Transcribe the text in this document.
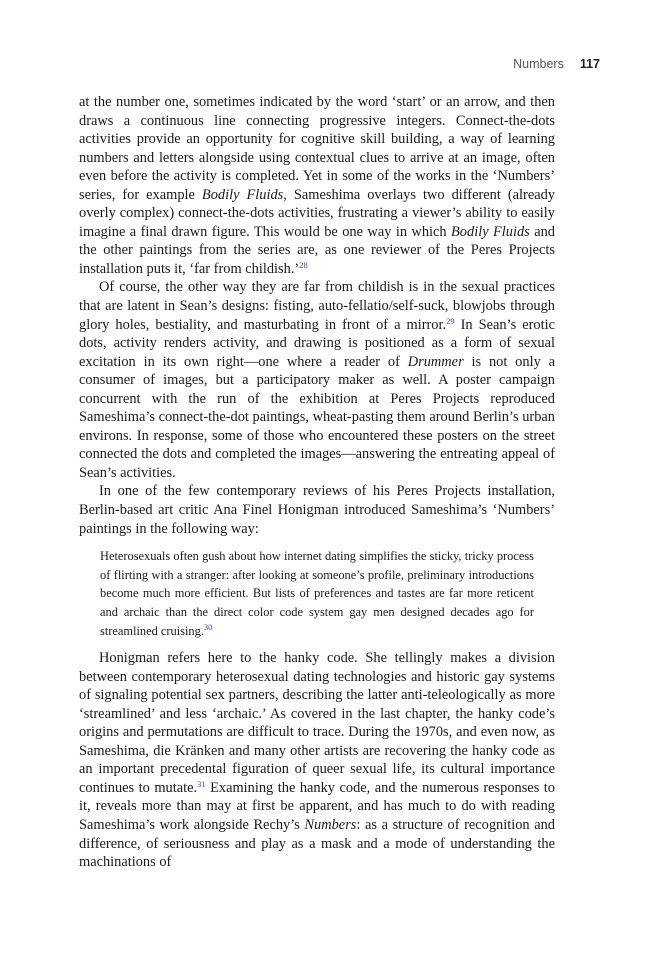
Numbers 117

at the number one, sometimes indicated by the word ‘start’ or an arrow, and then draws a continuous line connecting progressive integers. Connect-the-dots activities provide an opportunity for cognitive skill building, a way of learning numbers and letters alongside using contextual clues to arrive at an image, often even before the activity is completed. Yet in some of the works in the ‘Numbers’ series, for example Bodily Fluids, Sameshima overlays two different (already overly complex) connect-the-dots activities, frustrating a viewer’s ability to easily imagine a final drawn figure. This would be one way in which Bodily Fluids and the other paintings from the series are, as one reviewer of the Peres Projects installation puts it, ‘far from childish.’$^{28}$

Of course, the other way they are far from childish is in the sexual practices that are latent in Sean’s designs: fisting, auto-fellatio/self-suck, blowjobs through glory holes, bestiality, and masturbating in front of a mirror.$^{29}$ In Sean’s erotic dots, activity renders activity, and drawing is positioned as a form of sexual excitation in its own right—one where a reader of Drummer is not only a consumer of images, but a participatory maker as well. A poster campaign concurrent with the run of the exhibition at Peres Projects reproduced Sameshima’s connect-the-dot paintings, wheat-pasting them around Berlin’s urban environs. In response, some of those who encountered these posters on the street connected the dots and completed the images—answering the entreating appeal of Sean’s activities.

In one of the few contemporary reviews of his Peres Projects installation, Berlin-based art critic Ana Finel Honigman introduced Sameshima’s ‘Numbers’ paintings in the following way:

Heterosexuals often gush about how internet dating simplifies the sticky, tricky process of flirting with a stranger: after looking at someone’s profile, preliminary introductions become much more efficient. But lists of preferences and tastes are far more reticent and archaic than the direct color code system gay men designed decades ago for streamlined cruising.$^{30}$

Honigman refers here to the hanky code. She tellingly makes a division between contemporary heterosexual dating technologies and historic gay systems of signaling potential sex partners, describing the latter anti-teleologically as more ‘streamlined’ and less ‘archaic.’ As covered in the last chapter, the hanky code’s origins and permutations are difficult to trace. During the 1970s, and even now, as Sameshima, die Kränken and many other artists are recovering the hanky code as an important precedental figuration of queer sexual life, its cultural importance continues to mutate.$^{31}$ Examining the hanky code, and the numerous responses to it, reveals more than may at first be apparent, and has much to do with reading Sameshima’s work alongside Rechy’s Numbers: as a structure of recognition and difference, of seriousness and play as a mask and a mode of understanding the machinations of
